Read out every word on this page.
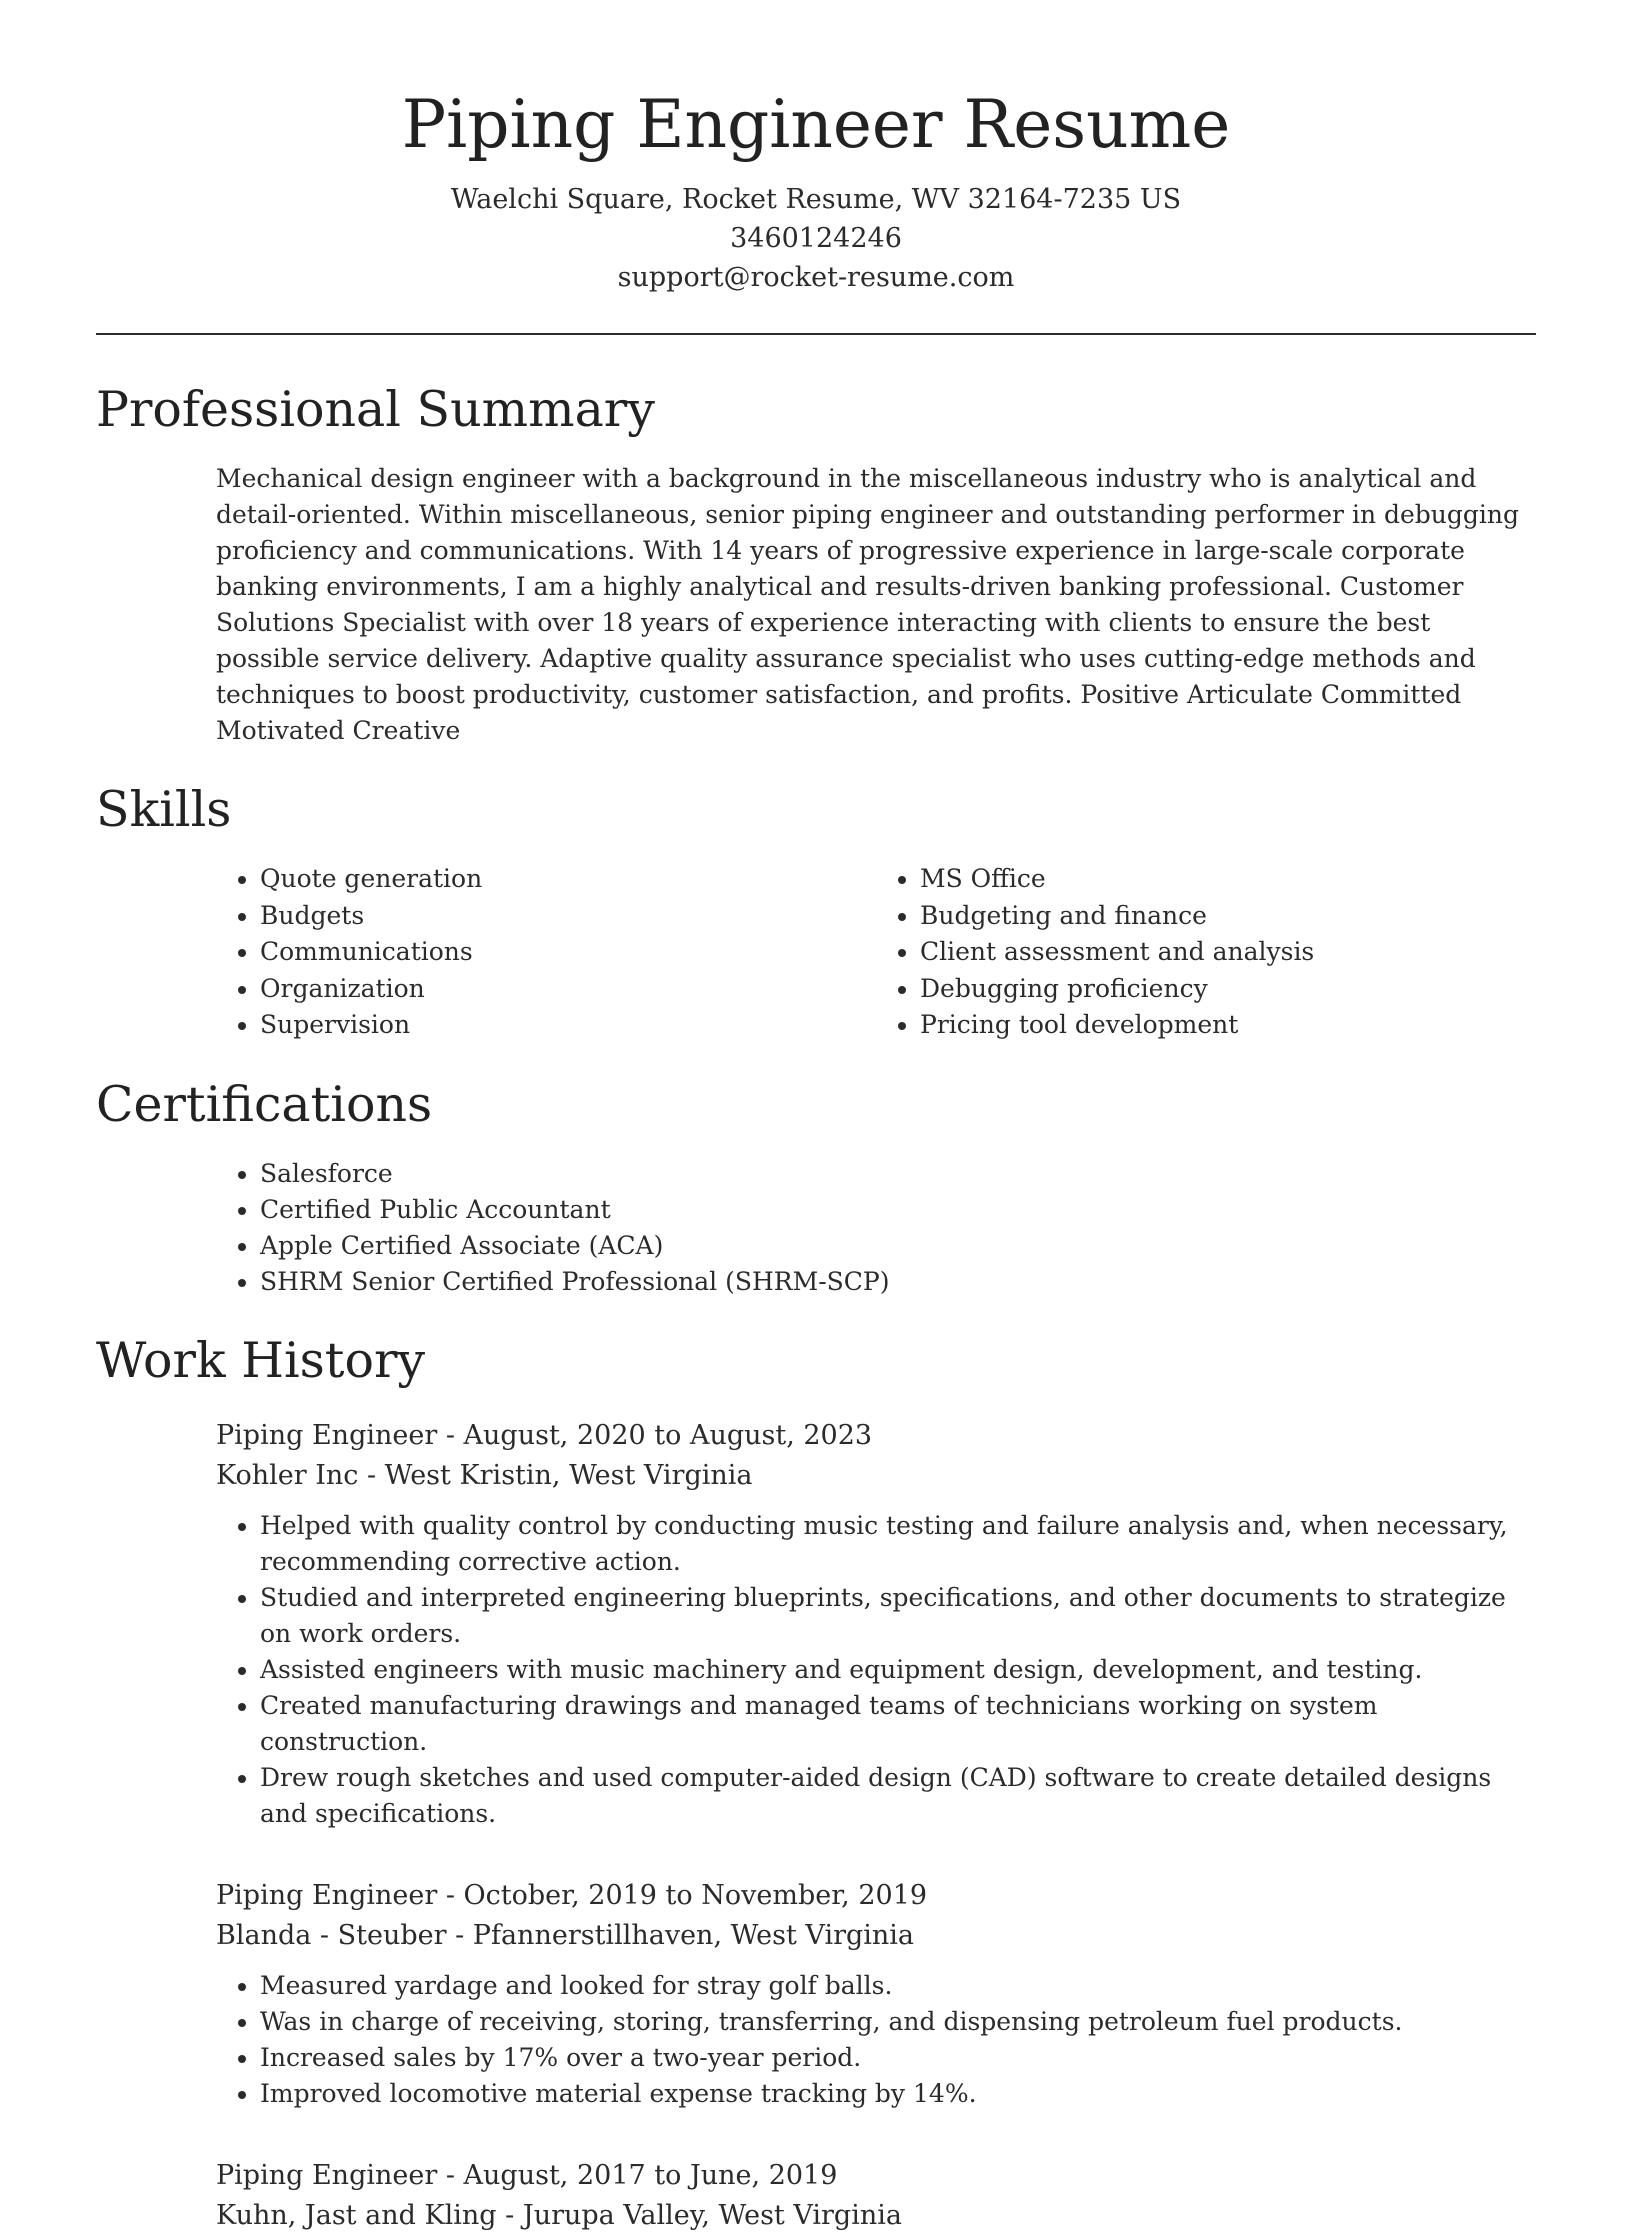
Piping Engineer Resume
Waelchi Square, Rocket Resume, WV 32164-7235 US
3460124246
support@rocket-resume.com
Professional Summary

Mechanical design engineer with a background in the miscellaneous industry who is analytical and detail-oriented. Within miscellaneous, senior piping engineer and outstanding performer in debugging proficiency and communications. With 14 years of progressive experience in large-scale corporate banking environments, I am a highly analytical and results-driven banking professional. Customer Solutions Specialist with over 18 years of experience interacting with clients to ensure the best possible service delivery. Adaptive quality assurance specialist who uses cutting-edge methods and techniques to boost productivity, customer satisfaction, and profits. Positive Articulate Committed Motivated Creative

Skills
• Quote generation
• Budgets
• Communications
• Organization
• Supervision
• MS Office
• Budgeting and finance
• Client assessment and analysis
• Debugging proficiency
• Pricing tool development
Certifications
• Salesforce
• Certified Public Accountant
• Apple Certified Associate (ACA)
• SHRM Senior Certified Professional (SHRM-SCP)
Work History
Piping Engineer - August, 2020 to August, 2023
Kohler Inc - West Kristin, West Virginia
• Helped with quality control by conducting music testing and failure analysis and, when necessary, recommending corrective action.
• Studied and interpreted engineering blueprints, specifications, and other documents to strategize on work orders.
• Assisted engineers with music machinery and equipment design, development, and testing.
• Created manufacturing drawings and managed teams of technicians working on system construction.
• Drew rough sketches and used computer-aided design (CAD) software to create detailed designs and specifications.
Piping Engineer - October, 2019 to November, 2019
Blanda - Steuber - Pfannerstillhaven, West Virginia
• Measured yardage and looked for stray golf balls.
• Was in charge of receiving, storing, transferring, and dispensing petroleum fuel products.
• Increased sales by 17% over a two-year period.
• Improved locomotive material expense tracking by 14%.
Piping Engineer - August, 2017 to June, 2019
Kuhn, Jast and Kling - Jurupa Valley, West Virginia
